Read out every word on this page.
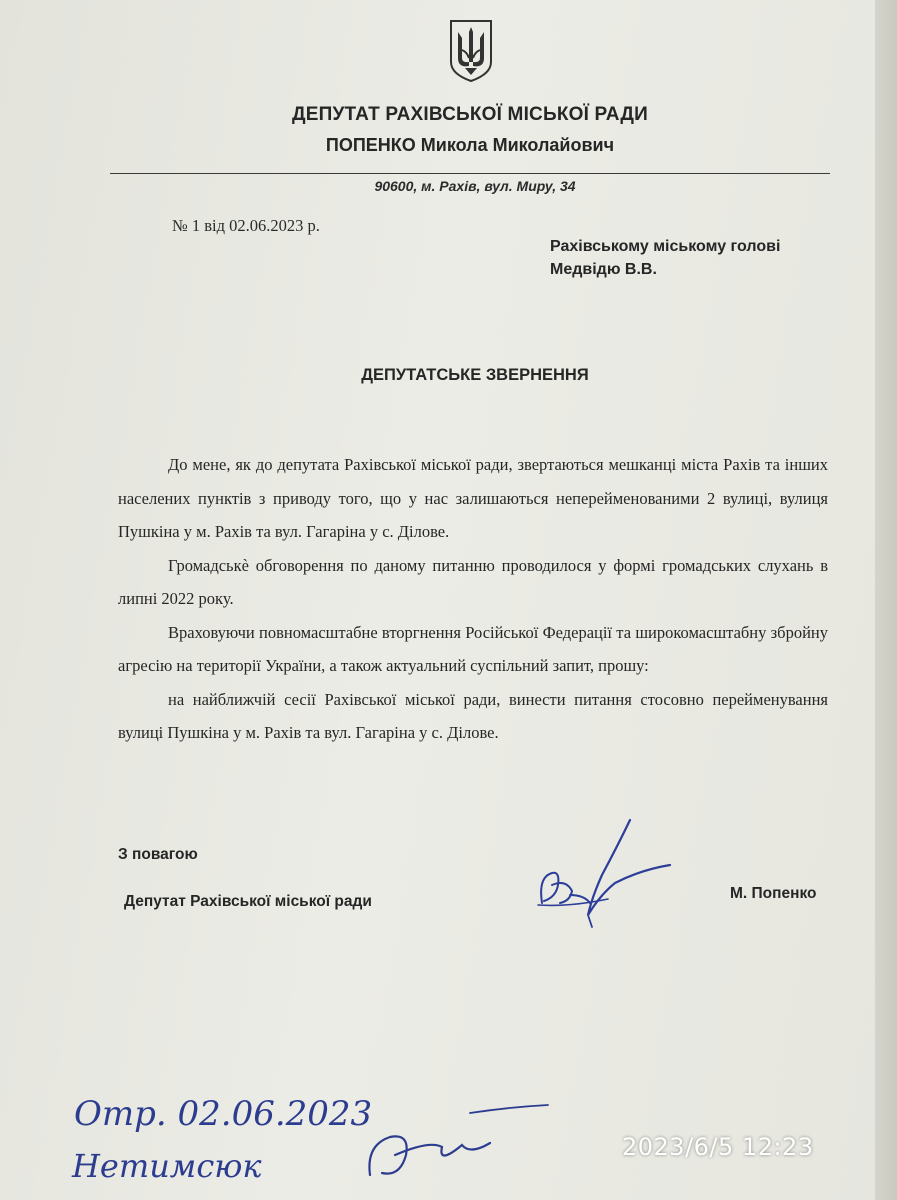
ДЕПУТАТ РАХІВСЬКОЇ МІСЬКОЇ РАДИ
ПОПЕНКО Микола Миколайович
90600, м. Рахів, вул. Миру, 34
№ 1 від 02.06.2023 р.
Рахівському міському голові
Медвідю В.В.
ДЕПУТАТСЬКЕ ЗВЕРНЕННЯ

До мене, як до депутата Рахівської міської ради, звертаються мешканці міста Рахів та інших населених пунктів з приводу того, що у нас залишаються неперейменованими 2 вулиці, вулиця Пушкіна у м. Рахів та вул. Гагаріна у с. Ділове.

Громадськѐ обговорення по даному питанню проводилося у формі громадських слухань в липні 2022 року.

Враховуючи повномасштабне вторгнення Російської Федерації та широкомасштабну збройну агресію на території України, а також актуальний суспільний запит, прошу:

на найближчій сесії Рахівської міської ради, винести питання стосовно перейменування вулиці Пушкіна у м. Рахів та вул. Гагаріна у с. Ділове.

З повагою
Депутат Рахівської міської ради	М. Попенко
Отр. 02.06.2023
Нетимсюк	2023/6/5 12:23
